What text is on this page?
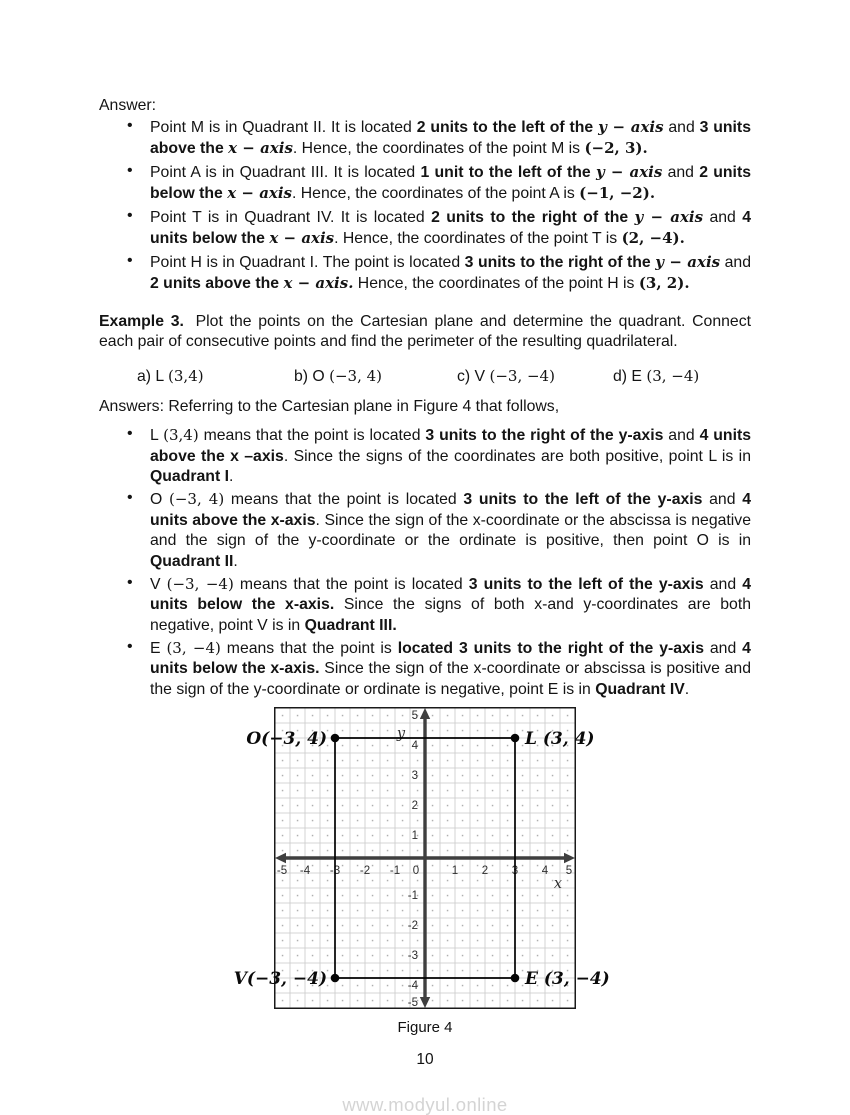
Answer:
• Point M is in Quadrant II. It is located 2 units to the left of the y − axis and 3 units above the x − axis. Hence, the coordinates of the point M is (−2, 3).
• Point A is in Quadrant III. It is located 1 unit to the left of the y − axis and 2 units below the x − axis. Hence, the coordinates of the point A is (−1, −2).
• Point T is in Quadrant IV. It is located 2 units to the right of the y − axis and 4 units below the x − axis. Hence, the coordinates of the point T is (2, −4).
• Point H is in Quadrant I. The point is located 3 units to the right of the y − axis and 2 units above the x − axis. Hence, the coordinates of the point H is (3, 2).
Example 3. Plot the points on the Cartesian plane and determine the quadrant. Connect each pair of consecutive points and find the perimeter of the resulting quadrilateral.
a) L (3,4)	b) O (−3, 4)	c) V (−3, −4)	d) E (3, −4)
Answers: Referring to the Cartesian plane in Figure 4 that follows,
• L (3,4) means that the point is located 3 units to the right of the y-axis and 4 units above the x –axis. Since the signs of the coordinates are both positive, point L is in Quadrant I.
• O (−3, 4) means that the point is located 3 units to the left of the y-axis and 4 units above the x-axis. Since the sign of the x-coordinate or the abscissa is negative and the sign of the y-coordinate or the ordinate is positive, then point O is in Quadrant II.
• V (−3, −4) means that the point is located 3 units to the left of the y-axis and 4 units below the x-axis. Since the signs of both x-and y-coordinates are both negative, point V is in Quadrant III.
• E (3, −4) means that the point is located 3 units to the right of the y-axis and 4 units below the x-axis. Since the sign of the x-coordinate or abscissa is positive and the sign of the y-coordinate or ordinate is negative, point E is in Quadrant IV.
-5 -4 -3 -2 -1 0	1 2 3 4 5
5
4
3
2
1
-1
-2
-3
-4
-5
y
x
O(−3, 4)	L (3, 4)
V(−3, −4)	E (3, −4)
Figure 4
10
www.modyul.online
